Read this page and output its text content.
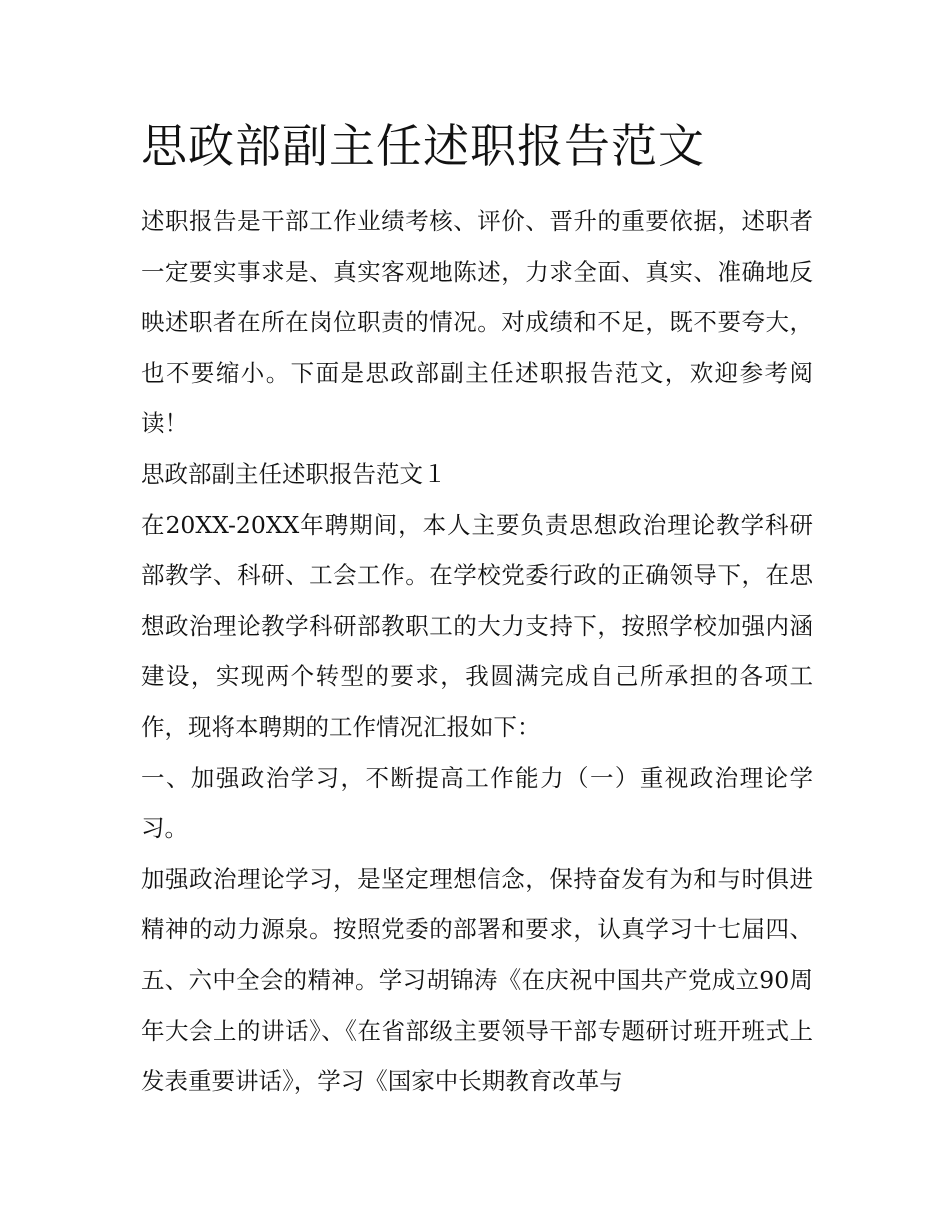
思政部副主任述职报告范文

述职报告是干部工作业绩考核、评价、晋升的重要依据，述职者一定要实事求是、真实客观地陈述，力求全面、真实、准确地反映述职者在所在岗位职责的情况。对成绩和不足，既不要夸大，也不要缩小。下面是思政部副主任述职报告范文，欢迎参考阅读！

思政部副主任述职报告范文１

在20XX-20XX年聘期间，本人主要负责思想政治理论教学科研部教学、科研、工会工作。在学校党委行政的正确领导下，在思想政治理论教学科研部教职工的大力支持下，按照学校加强内涵建设，实现两个转型的要求，我圆满完成自己所承担的各项工作，现将本聘期的工作情况汇报如下：

一、加强政治学习，不断提高工作能力（一）重视政治理论学习。

加强政治理论学习，是坚定理想信念，保持奋发有为和与时俱进精神的动力源泉。按照党委的部署和要求，认真学习十七届四、五、六中全会的精神。学习胡锦涛《在庆祝中国共产党成立90周年大会上的讲话》、《在省部级主要领导干部专题研讨班开班式上发表重要讲话》，学习《国家中长期教育改革与
